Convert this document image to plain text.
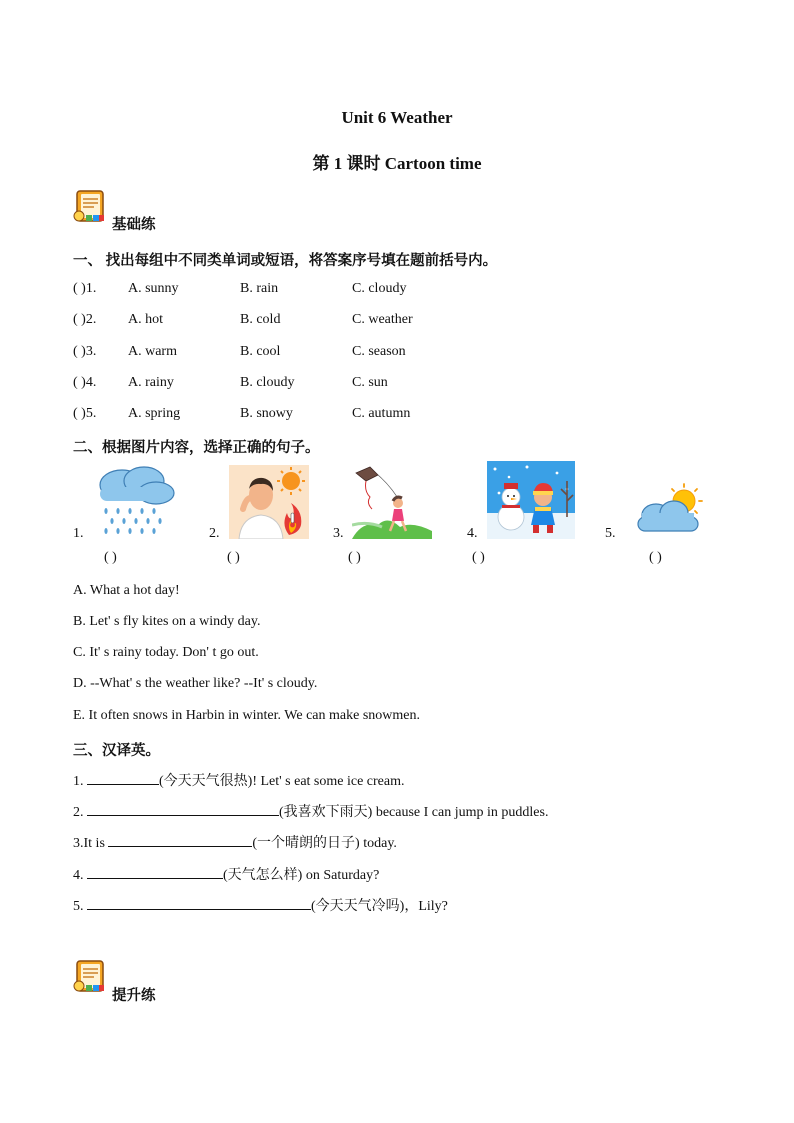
Unit 6 Weather
第 1 课时 Cartoon time
基础练
一、 找出每组中不同类单词或短语，将答案序号填在题前括号内。
( )1. A. sunny	B. rain	C. cloudy
( )2. A. hot	B. cold	C. weather
( )3. A. warm	B. cool	C. season
( )4. A. rainy	B. cloudy	C. sun
( )5. A. spring	B. snowy	C. autumn
二、根据图片内容，选择正确的句子。
1.	2.	3.	4.	5.
( )	( )	( )	( )	( )
A. What a hot day!
B. Let' s fly kites on a windy day.
C. It' s rainy today. Don' t go out.
D. --What' s the weather like? --It' s cloudy.
E. It often snows in Harbin in winter. We can make snowmen.
三、汉译英。
1.	(今天天气很热)! Let' s eat some ice cream.
2.	(我喜欢下雨天) because I can jump in puddles.
3.It is	(一个晴朗的日子) today.
4.	(天气怎么样) on Saturday?
5.	(今天天气冷吗)，Lily?
提升练
